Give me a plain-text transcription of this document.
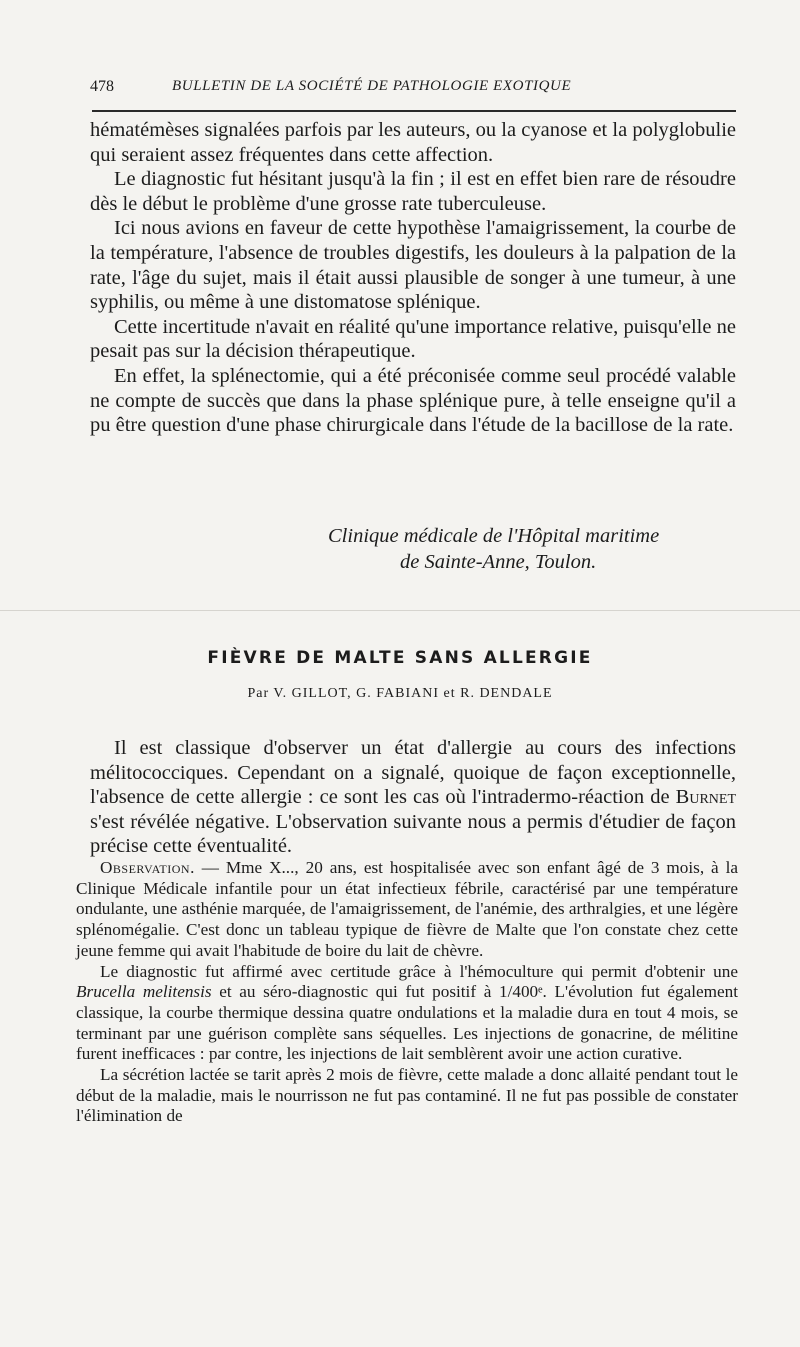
478	BULLETIN DE LA SOCIÉTÉ DE PATHOLOGIE EXOTIQUE

hématémèses signalées parfois par les auteurs, ou la cyanose et la polyglobulie qui seraient assez fréquentes dans cette affection.

Le diagnostic fut hésitant jusqu'à la fin ; il est en effet bien rare de résoudre dès le début le problème d'une grosse rate tuberculeuse.

Ici nous avions en faveur de cette hypothèse l'amaigrissement, la courbe de la température, l'absence de troubles digestifs, les douleurs à la palpation de la rate, l'âge du sujet, mais il était aussi plausible de songer à une tumeur, à une syphilis, ou même à une distomatose splénique.

Cette incertitude n'avait en réalité qu'une importance relative, puisqu'elle ne pesait pas sur la décision thérapeutique.

En effet, la splénectomie, qui a été préconisée comme seul procédé valable ne compte de succès que dans la phase splénique pure, à telle enseigne qu'il a pu être question d'une phase chirurgicale dans l'étude de la bacillose de la rate.

Clinique médicale de l'Hôpital maritime
de Sainte-Anne, Toulon.
FIÈVRE DE MALTE SANS ALLERGIE
Par V. GILLOT, G. FABIANI et R. DENDALE

Il est classique d'observer un état d'allergie au cours des infections mélitococciques. Cependant on a signalé, quoique de façon exceptionnelle, l'absence de cette allergie : ce sont les cas où l'intradermo-réaction de Burnet s'est révélée négative. L'observation suivante nous a permis d'étudier de façon précise cette éventualité.

Observation. — Mme X..., 20 ans, est hospitalisée avec son enfant âgé de 3 mois, à la Clinique Médicale infantile pour un état infectieux fébrile, caractérisé par une température ondulante, une asthénie marquée, de l'amaigrissement, de l'anémie, des arthralgies, et une légère splénomégalie. C'est donc un tableau typique de fièvre de Malte que l'on constate chez cette jeune femme qui avait l'habitude de boire du lait de chèvre.

Le diagnostic fut affirmé avec certitude grâce à l'hémoculture qui permit d'obtenir une Brucella melitensis et au séro-diagnostic qui fut positif à 1/400ᵉ. L'évolution fut également classique, la courbe thermique dessina quatre ondulations et la maladie dura en tout 4 mois, se terminant par une guérison complète sans séquelles. Les injections de gonacrine, de mélitine furent inefficaces : par contre, les injections de lait semblèrent avoir une action curative.

La sécrétion lactée se tarit après 2 mois de fièvre, cette malade a donc allaité pendant tout le début de la maladie, mais le nourrisson ne fut pas contaminé. Il ne fut pas possible de constater l'élimination de
